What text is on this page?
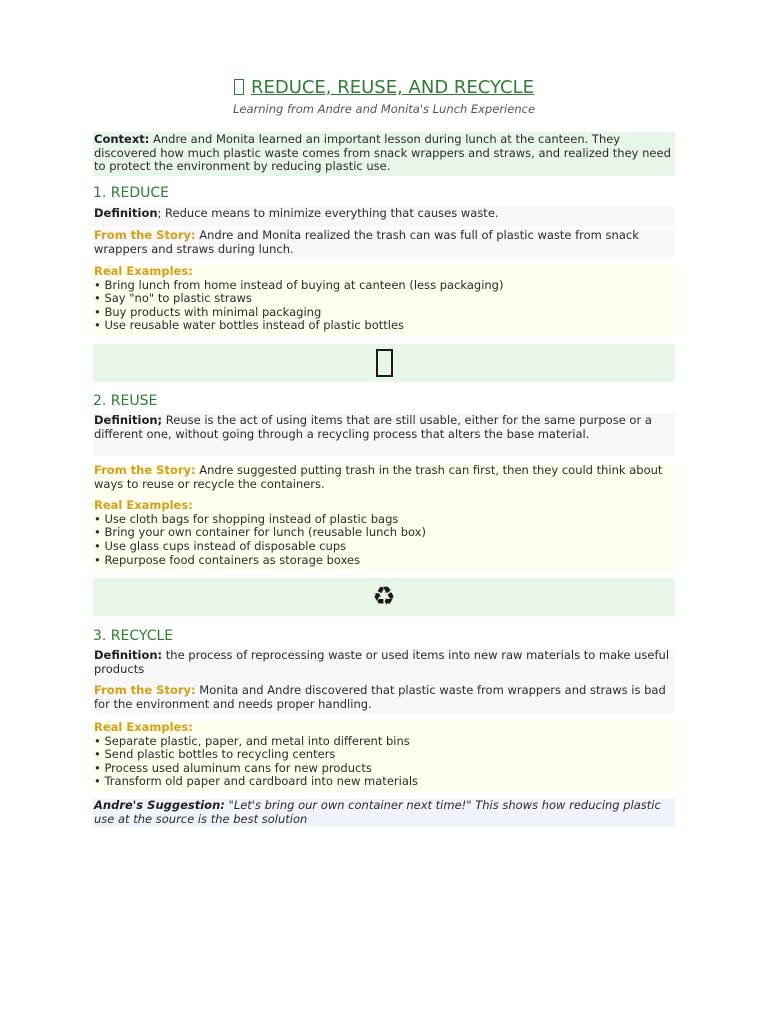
REDUCE, REUSE, AND RECYCLE
Learning from Andre and Monita's Lunch Experience
Context: Andre and Monita learned an important lesson during lunch at the canteen. They discovered how much plastic waste comes from snack wrappers and straws, and realized they need to protect the environment by reducing plastic use.
1. REDUCE
Definition; Reduce means to minimize everything that causes waste.
From the Story: Andre and Monita realized the trash can was full of plastic waste from snack wrappers and straws during lunch.
Real Examples:
• Bring lunch from home instead of buying at canteen (less packaging)
• Say "no" to plastic straws
• Buy products with minimal packaging
• Use reusable water bottles instead of plastic bottles
2. REUSE
Definition; Reuse is the act of using items that are still usable, either for the same purpose or a different one, without going through a recycling process that alters the base material.
From the Story: Andre suggested putting trash in the trash can first, then they could think about ways to reuse or recycle the containers.
Real Examples:
• Use cloth bags for shopping instead of plastic bags
• Bring your own container for lunch (reusable lunch box)
• Use glass cups instead of disposable cups
• Repurpose food containers as storage boxes
♻
3. RECYCLE
Definition: the process of reprocessing waste or used items into new raw materials to make useful products
From the Story: Monita and Andre discovered that plastic waste from wrappers and straws is bad for the environment and needs proper handling.
Real Examples:
• Separate plastic, paper, and metal into different bins
• Send plastic bottles to recycling centers
• Process used aluminum cans for new products
• Transform old paper and cardboard into new materials
Andre's Suggestion: "Let's bring our own container next time!" This shows how reducing plastic use at the source is the best solution
